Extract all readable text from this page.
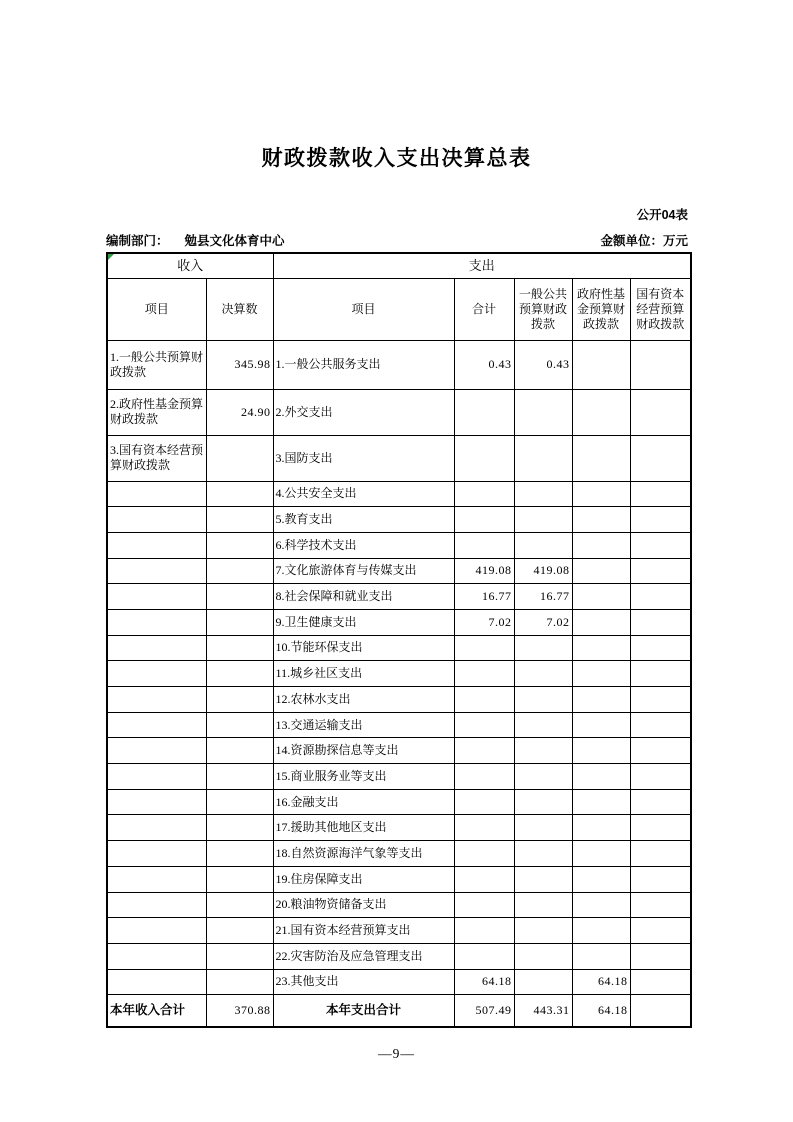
财政拨款收入支出决算总表
公开04表
编制部门： 勉县文化体育中心	金额单位：万元
收入		支出				
项目	决算数	项目	合计	一般公共预算财政拨款	政府性基金预算财政拨款	国有资本经营预算财政拨款
1.一般公共预算财政拨款	345.98	1.一般公共服务支出	0.43	0.43		
2.政府性基金预算财政拨款	24.90	2.外交支出				
3.国有资本经营预算财政拨款		3.国防支出				
		4.公共安全支出				
		5.教育支出				
		6.科学技术支出				
		7.文化旅游体育与传媒支出	419.08	419.08		
		8.社会保障和就业支出	16.77	16.77		
		9.卫生健康支出	7.02	7.02		
		10.节能环保支出				
		11.城乡社区支出				
		12.农林水支出				
		13.交通运输支出				
		14.资源勘探信息等支出				
		15.商业服务业等支出				
		16.金融支出				
		17.援助其他地区支出				
		18.自然资源海洋气象等支出				
		19.住房保障支出				
		20.粮油物资储备支出				
		21.国有资本经营预算支出				
		22.灾害防治及应急管理支出				
		23.其他支出	64.18		64.18	
本年收入合计	370.88	本年支出合计	507.49	443.31	64.18	
—9—
